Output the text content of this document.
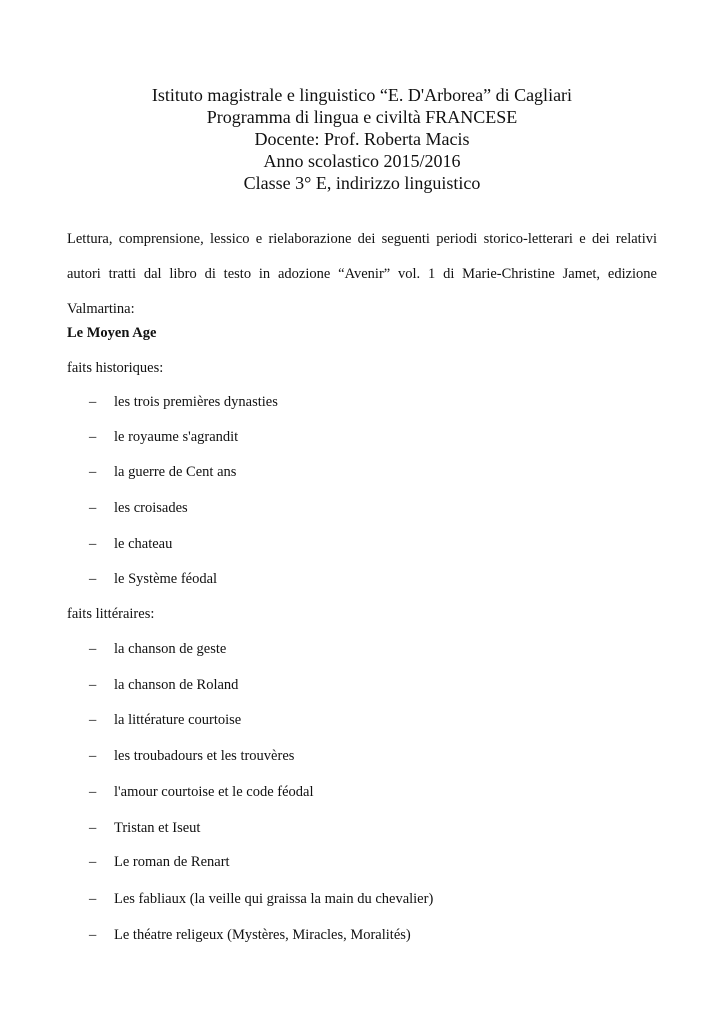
Istituto magistrale e linguistico “E. D'Arborea” di Cagliari

Programma di lingua e civiltà FRANCESE

Docente: Prof. Roberta Macis

Anno scolastico 2015/2016

Classe 3° E, indirizzo linguistico

Lettura, comprensione, lessico e rielaborazione dei seguenti periodi storico-letterari e dei relativi autori tratti dal libro di testo in adozione “Avenir” vol. 1 di Marie-Christine Jamet, edizione Valmartina:

Le Moyen Age

faits historiques:

– les trois premières dynasties
– le royaume s'agrandit
– la guerre de Cent ans
– les croisades
– le chateau
– le Système féodal

faits littéraires:

– la chanson de geste
– la chanson de Roland
– la littérature courtoise
– les troubadours et les trouvères
– l'amour courtoise et le code féodal
– Tristan et Iseut
– Le roman de Renart
– Les fabliaux (la veille qui graissa la main du chevalier)
– Le théatre religeux (Mystères, Miracles, Moralités)
